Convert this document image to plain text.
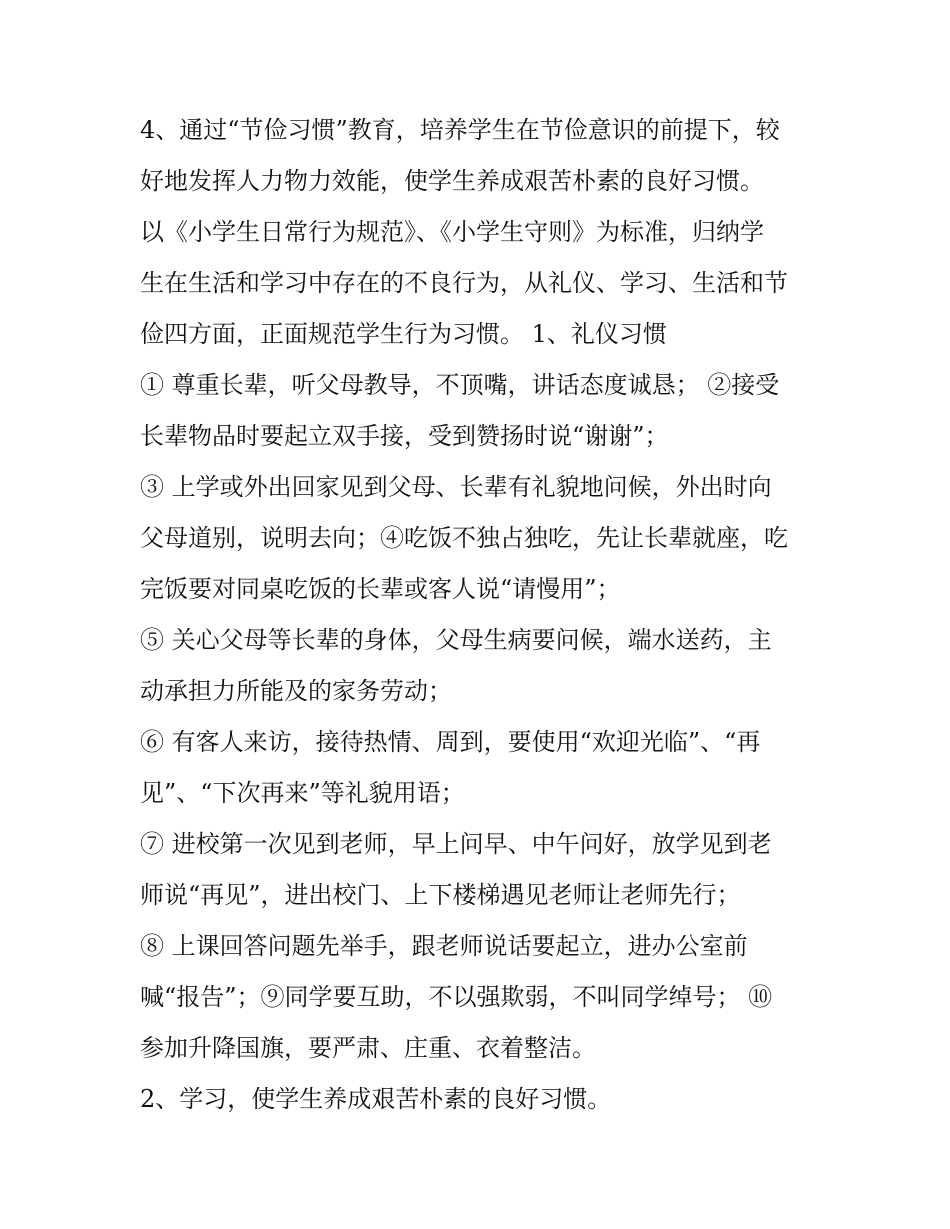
4、通过“节俭习惯”教育，培养学生在节俭意识的前提下，较
好地发挥人力物力效能，使学生养成艰苦朴素的良好习惯。
以《小学生日常行为规范》、《小学生守则》为标准，归纳学
生在生活和学习中存在的不良行为，从礼仪、学习、生活和节
俭四方面，正面规范学生行为习惯。 1、礼仪习惯
① 尊重长辈，听父母教导，不顶嘴，讲话态度诚恳； ②接受
长辈物品时要起立双手接，受到赞扬时说“谢谢”；
③ 上学或外出回家见到父母、长辈有礼貌地问候，外出时向
父母道别，说明去向；④吃饭不独占独吃，先让长辈就座，吃
完饭要对同桌吃饭的长辈或客人说“请慢用”；
⑤ 关心父母等长辈的身体，父母生病要问候，端水送药，主
动承担力所能及的家务劳动；
⑥ 有客人来访，接待热情、周到，要使用“欢迎光临”、“再
见”、“下次再来”等礼貌用语；
⑦ 进校第一次见到老师，早上问早、中午问好，放学见到老
师说“再见”，进出校门、上下楼梯遇见老师让老师先行；
⑧ 上课回答问题先举手，跟老师说话要起立，进办公室前
喊“报告”；⑨同学要互助，不以强欺弱，不叫同学绰号； ⑩
参加升降国旗，要严肃、庄重、衣着整洁。
2、学习，使学生养成艰苦朴素的良好习惯。
